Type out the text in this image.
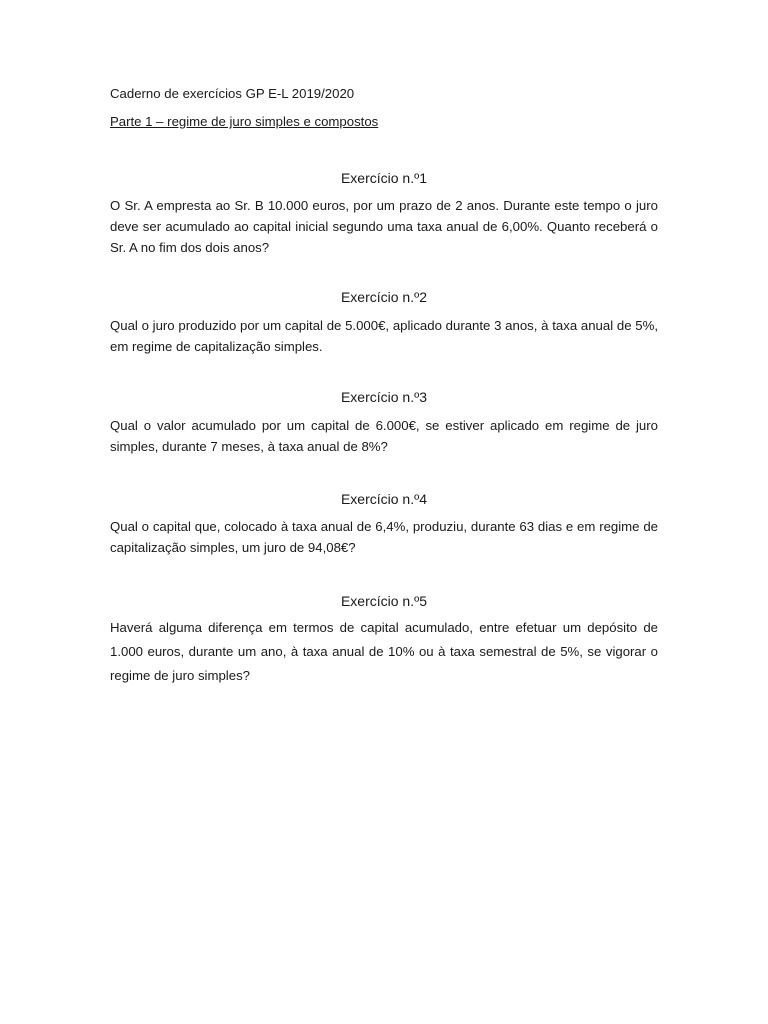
Caderno de exercícios GP E-L 2019/2020
Parte 1 – regime de juro simples e compostos
Exercício n.º1
O Sr. A empresta ao Sr. B 10.000 euros, por um prazo de 2 anos. Durante este tempo o juro deve ser acumulado ao capital inicial segundo uma taxa anual de 6,00%. Quanto receberá o Sr. A no fim dos dois anos?
Exercício n.º2
Qual o juro produzido por um capital de 5.000€, aplicado durante 3 anos, à taxa anual de 5%, em regime de capitalização simples.
Exercício n.º3
Qual o valor acumulado por um capital de 6.000€, se estiver aplicado em regime de juro simples, durante 7 meses, à taxa anual de 8%?
Exercício n.º4
Qual o capital que, colocado à taxa anual de 6,4%, produziu, durante 63 dias e em regime de capitalização simples, um juro de 94,08€?
Exercício n.º5
Haverá alguma diferença em termos de capital acumulado, entre efetuar um depósito de 1.000 euros, durante um ano, à taxa anual de 10% ou à taxa semestral de 5%, se vigorar o regime de juro simples?
